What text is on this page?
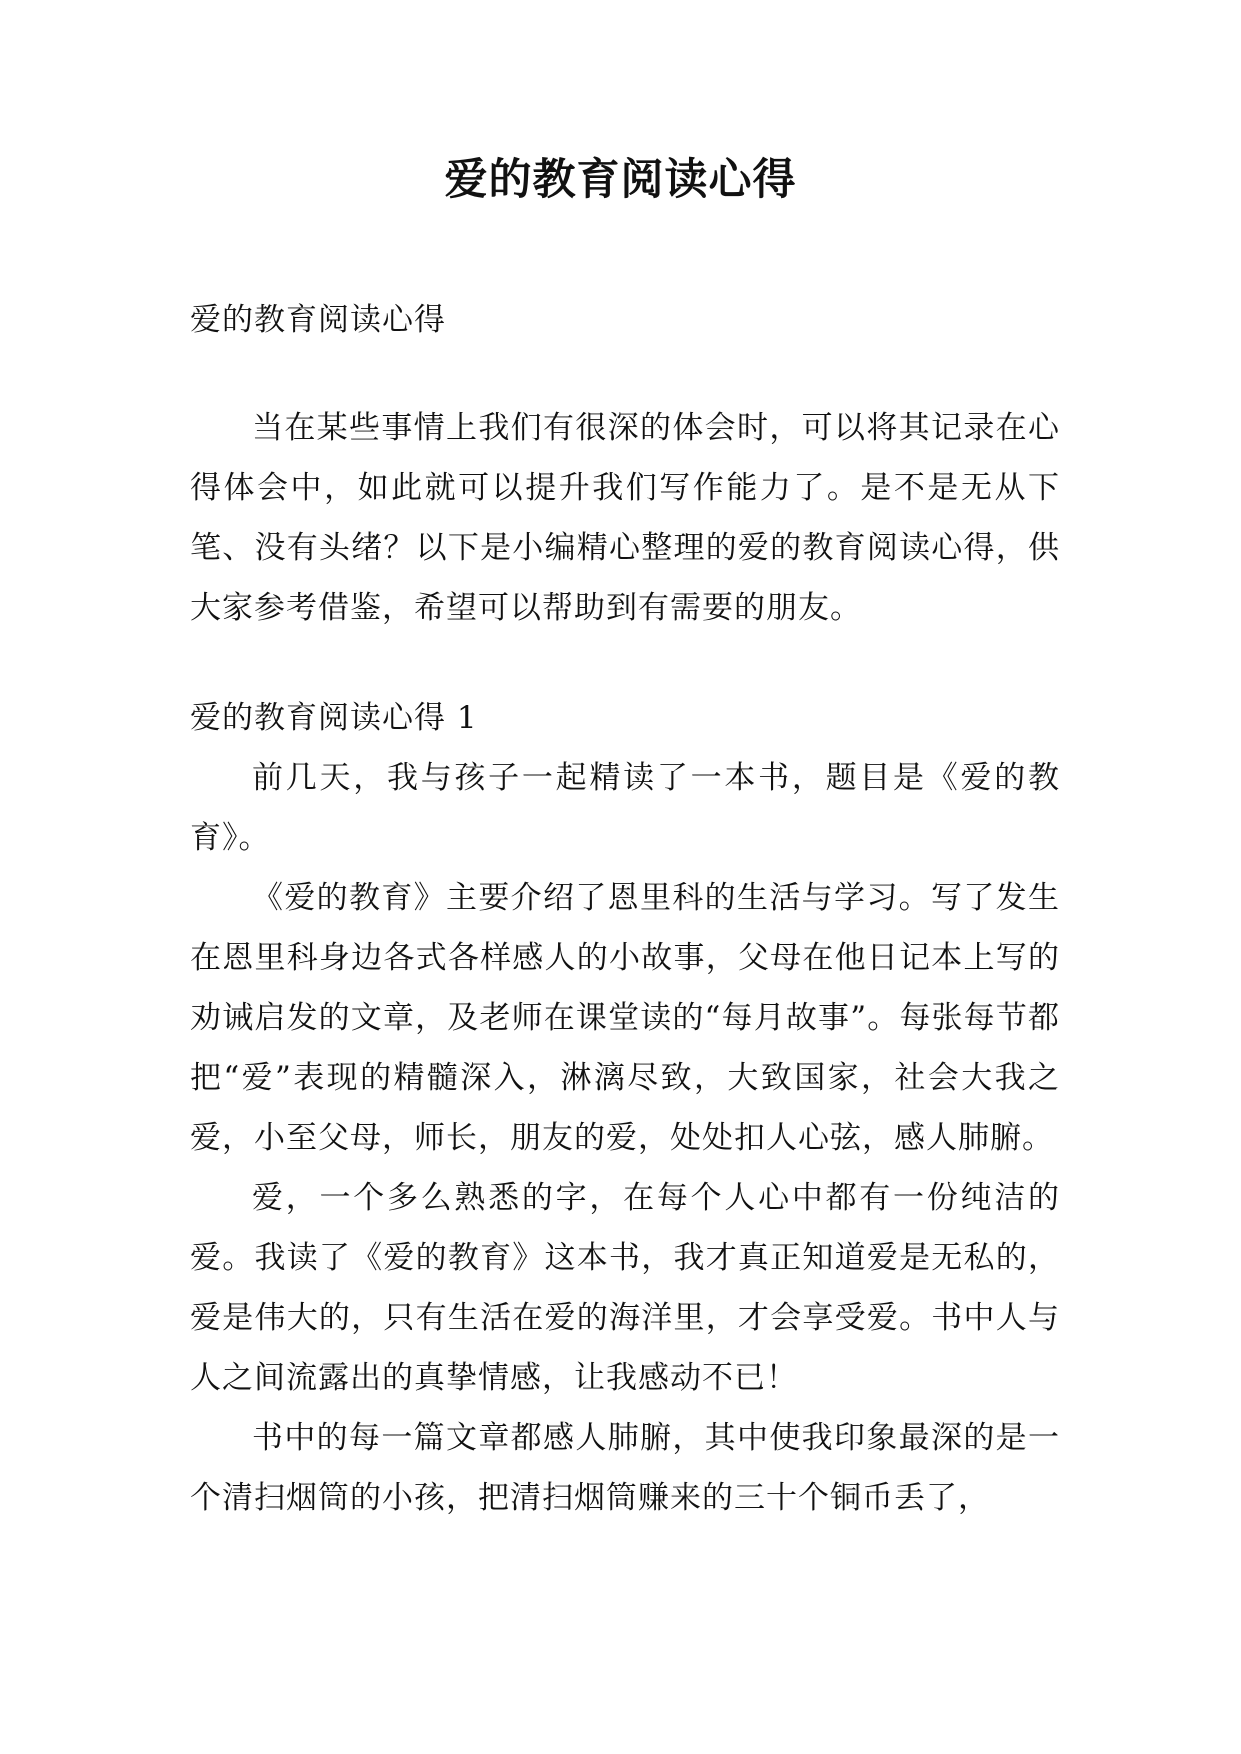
爱的教育阅读心得

爱的教育阅读心得

当在某些事情上我们有很深的体会时，可以将其记录在心得体会中，如此就可以提升我们写作能力了。是不是无从下笔、没有头绪？以下是小编精心整理的爱的教育阅读心得，供大家参考借鉴，希望可以帮助到有需要的朋友。

爱的教育阅读心得 1

前几天，我与孩子一起精读了一本书，题目是《爱的教育》。

《爱的教育》主要介绍了恩里科的生活与学习。写了发生在恩里科身边各式各样感人的小故事，父母在他日记本上写的劝诫启发的文章，及老师在课堂读的“每月故事”。每张每节都把“爱”表现的精髓深入，淋漓尽致，大致国家，社会大我之爱，小至父母，师长，朋友的爱，处处扣人心弦，感人肺腑。

爱，一个多么熟悉的字，在每个人心中都有一份纯洁的爱。我读了《爱的教育》这本书，我才真正知道爱是无私的，爱是伟大的，只有生活在爱的海洋里，才会享受爱。书中人与人之间流露出的真挚情感，让我感动不已！

书中的每一篇文章都感人肺腑，其中使我印象最深的是一个清扫烟筒的小孩，把清扫烟筒赚来的三十个铜币丢了，
